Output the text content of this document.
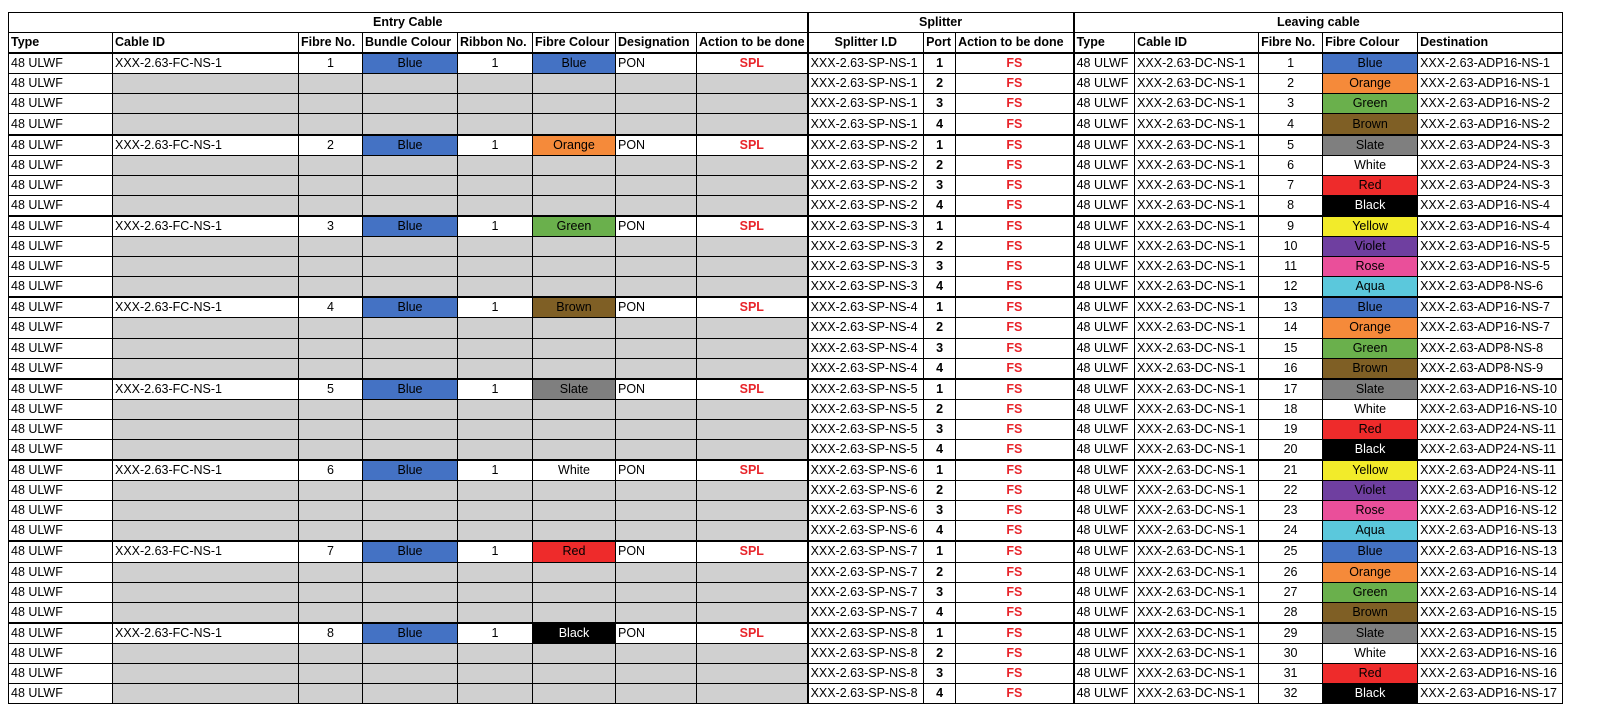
Entry Cable								Splitter			Leaving cable				
Type	Cable ID	Fibre No.	Bundle Colour	Ribbon No.	Fibre Colour	Designation	Action to be done	Splitter I.D	Port	Action to be done	Type	Cable ID	Fibre No.	Fibre Colour	Destination
48 ULWF	XXX-2.63-FC-NS-1	1	Blue	1	Blue	PON	SPL	XXX-2.63-SP-NS-1	1	FS	48 ULWF	XXX-2.63-DC-NS-1	1	Blue	XXX-2.63-ADP16-NS-1
48 ULWF								XXX-2.63-SP-NS-1	2	FS	48 ULWF	XXX-2.63-DC-NS-1	2	Orange	XXX-2.63-ADP16-NS-1
48 ULWF								XXX-2.63-SP-NS-1	3	FS	48 ULWF	XXX-2.63-DC-NS-1	3	Green	XXX-2.63-ADP16-NS-2
48 ULWF								XXX-2.63-SP-NS-1	4	FS	48 ULWF	XXX-2.63-DC-NS-1	4	Brown	XXX-2.63-ADP16-NS-2
48 ULWF	XXX-2.63-FC-NS-1	2	Blue	1	Orange	PON	SPL	XXX-2.63-SP-NS-2	1	FS	48 ULWF	XXX-2.63-DC-NS-1	5	Slate	XXX-2.63-ADP24-NS-3
48 ULWF								XXX-2.63-SP-NS-2	2	FS	48 ULWF	XXX-2.63-DC-NS-1	6	White	XXX-2.63-ADP24-NS-3
48 ULWF								XXX-2.63-SP-NS-2	3	FS	48 ULWF	XXX-2.63-DC-NS-1	7	Red	XXX-2.63-ADP24-NS-3
48 ULWF								XXX-2.63-SP-NS-2	4	FS	48 ULWF	XXX-2.63-DC-NS-1	8	Black	XXX-2.63-ADP16-NS-4
48 ULWF	XXX-2.63-FC-NS-1	3	Blue	1	Green	PON	SPL	XXX-2.63-SP-NS-3	1	FS	48 ULWF	XXX-2.63-DC-NS-1	9	Yellow	XXX-2.63-ADP16-NS-4
48 ULWF								XXX-2.63-SP-NS-3	2	FS	48 ULWF	XXX-2.63-DC-NS-1	10	Violet	XXX-2.63-ADP16-NS-5
48 ULWF								XXX-2.63-SP-NS-3	3	FS	48 ULWF	XXX-2.63-DC-NS-1	11	Rose	XXX-2.63-ADP16-NS-5
48 ULWF								XXX-2.63-SP-NS-3	4	FS	48 ULWF	XXX-2.63-DC-NS-1	12	Aqua	XXX-2.63-ADP8-NS-6
48 ULWF	XXX-2.63-FC-NS-1	4	Blue	1	Brown	PON	SPL	XXX-2.63-SP-NS-4	1	FS	48 ULWF	XXX-2.63-DC-NS-1	13	Blue	XXX-2.63-ADP16-NS-7
48 ULWF								XXX-2.63-SP-NS-4	2	FS	48 ULWF	XXX-2.63-DC-NS-1	14	Orange	XXX-2.63-ADP16-NS-7
48 ULWF								XXX-2.63-SP-NS-4	3	FS	48 ULWF	XXX-2.63-DC-NS-1	15	Green	XXX-2.63-ADP8-NS-8
48 ULWF								XXX-2.63-SP-NS-4	4	FS	48 ULWF	XXX-2.63-DC-NS-1	16	Brown	XXX-2.63-ADP8-NS-9
48 ULWF	XXX-2.63-FC-NS-1	5	Blue	1	Slate	PON	SPL	XXX-2.63-SP-NS-5	1	FS	48 ULWF	XXX-2.63-DC-NS-1	17	Slate	XXX-2.63-ADP16-NS-10
48 ULWF								XXX-2.63-SP-NS-5	2	FS	48 ULWF	XXX-2.63-DC-NS-1	18	White	XXX-2.63-ADP16-NS-10
48 ULWF								XXX-2.63-SP-NS-5	3	FS	48 ULWF	XXX-2.63-DC-NS-1	19	Red	XXX-2.63-ADP24-NS-11
48 ULWF								XXX-2.63-SP-NS-5	4	FS	48 ULWF	XXX-2.63-DC-NS-1	20	Black	XXX-2.63-ADP24-NS-11
48 ULWF	XXX-2.63-FC-NS-1	6	Blue	1	White	PON	SPL	XXX-2.63-SP-NS-6	1	FS	48 ULWF	XXX-2.63-DC-NS-1	21	Yellow	XXX-2.63-ADP24-NS-11
48 ULWF								XXX-2.63-SP-NS-6	2	FS	48 ULWF	XXX-2.63-DC-NS-1	22	Violet	XXX-2.63-ADP16-NS-12
48 ULWF								XXX-2.63-SP-NS-6	3	FS	48 ULWF	XXX-2.63-DC-NS-1	23	Rose	XXX-2.63-ADP16-NS-12
48 ULWF								XXX-2.63-SP-NS-6	4	FS	48 ULWF	XXX-2.63-DC-NS-1	24	Aqua	XXX-2.63-ADP16-NS-13
48 ULWF	XXX-2.63-FC-NS-1	7	Blue	1	Red	PON	SPL	XXX-2.63-SP-NS-7	1	FS	48 ULWF	XXX-2.63-DC-NS-1	25	Blue	XXX-2.63-ADP16-NS-13
48 ULWF								XXX-2.63-SP-NS-7	2	FS	48 ULWF	XXX-2.63-DC-NS-1	26	Orange	XXX-2.63-ADP16-NS-14
48 ULWF								XXX-2.63-SP-NS-7	3	FS	48 ULWF	XXX-2.63-DC-NS-1	27	Green	XXX-2.63-ADP16-NS-14
48 ULWF								XXX-2.63-SP-NS-7	4	FS	48 ULWF	XXX-2.63-DC-NS-1	28	Brown	XXX-2.63-ADP16-NS-15
48 ULWF	XXX-2.63-FC-NS-1	8	Blue	1	Black	PON	SPL	XXX-2.63-SP-NS-8	1	FS	48 ULWF	XXX-2.63-DC-NS-1	29	Slate	XXX-2.63-ADP16-NS-15
48 ULWF								XXX-2.63-SP-NS-8	2	FS	48 ULWF	XXX-2.63-DC-NS-1	30	White	XXX-2.63-ADP16-NS-16
48 ULWF								XXX-2.63-SP-NS-8	3	FS	48 ULWF	XXX-2.63-DC-NS-1	31	Red	XXX-2.63-ADP16-NS-16
48 ULWF								XXX-2.63-SP-NS-8	4	FS	48 ULWF	XXX-2.63-DC-NS-1	32	Black	XXX-2.63-ADP16-NS-17
